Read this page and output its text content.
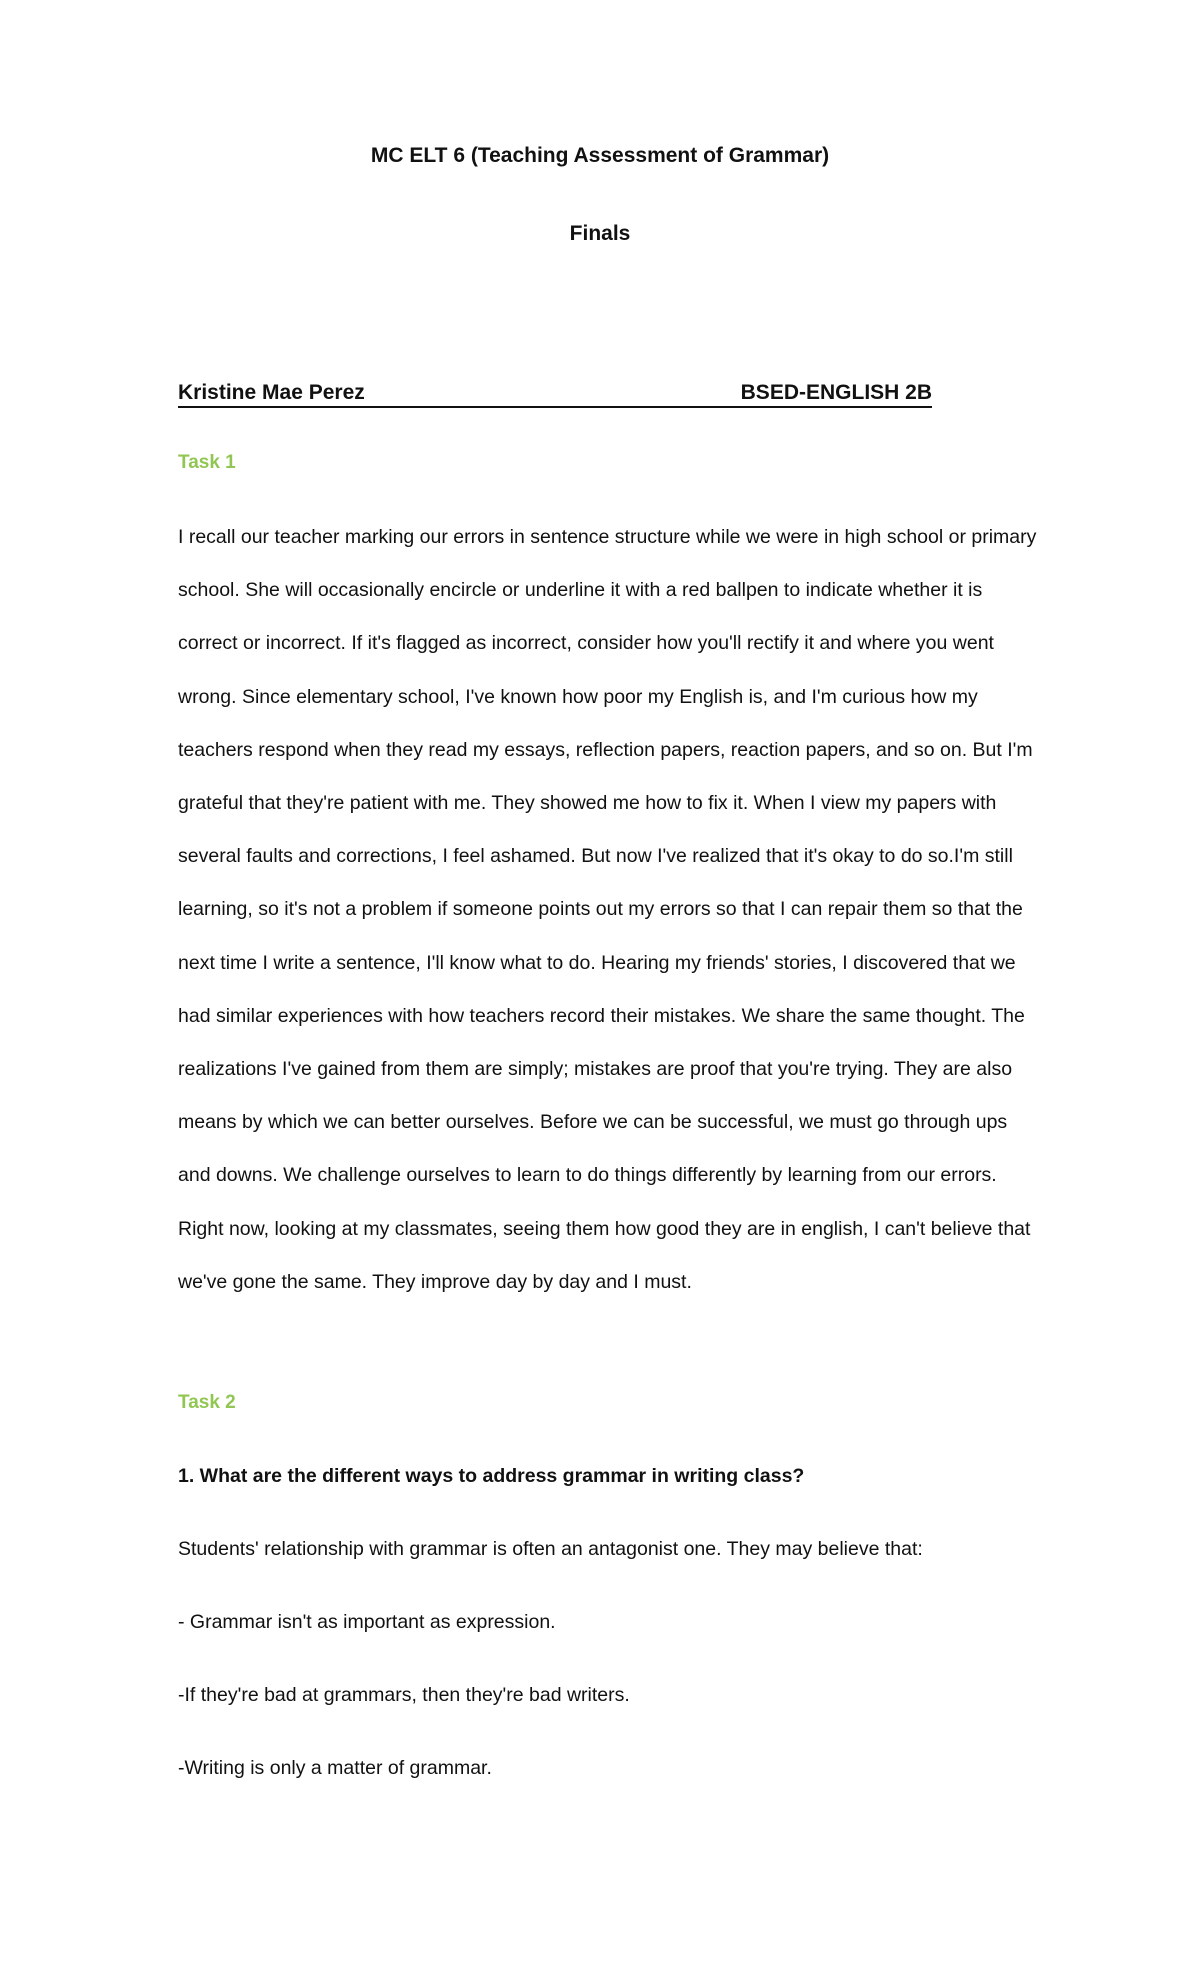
MC ELT 6 (Teaching Assessment of Grammar)
Finals
Kristine Mae Perez	BSED-ENGLISH 2B
Task 1

I recall our teacher marking our errors in sentence structure while we were in high school or primary school. She will occasionally encircle or underline it with a red ballpen to indicate whether it is correct or incorrect. If it's flagged as incorrect, consider how you'll rectify it and where you went wrong. Since elementary school, I've known how poor my English is, and I'm curious how my teachers respond when they read my essays, reflection papers, reaction papers, and so on. But I'm grateful that they're patient with me. They showed me how to fix it. When I view my papers with several faults and corrections, I feel ashamed. But now I've realized that it's okay to do so.I'm still learning, so it's not a problem if someone points out my errors so that I can repair them so that the next time I write a sentence, I'll know what to do. Hearing my friends' stories, I discovered that we had similar experiences with how teachers record their mistakes. We share the same thought. The realizations I've gained from them are simply; mistakes are proof that you're trying. They are also means by which we can better ourselves. Before we can be successful, we must go through ups and downs. We challenge ourselves to learn to do things differently by learning from our errors. Right now, looking at my classmates, seeing them how good they are in english, I can't believe that we've gone the same. They improve day by day and I must.

Task 2
1. What are the different ways to address grammar in writing class?
Students' relationship with grammar is often an antagonist one. They may believe that:
- Grammar isn't as important as expression.
-If they're bad at grammars, then they're bad writers.
-Writing is only a matter of grammar.
